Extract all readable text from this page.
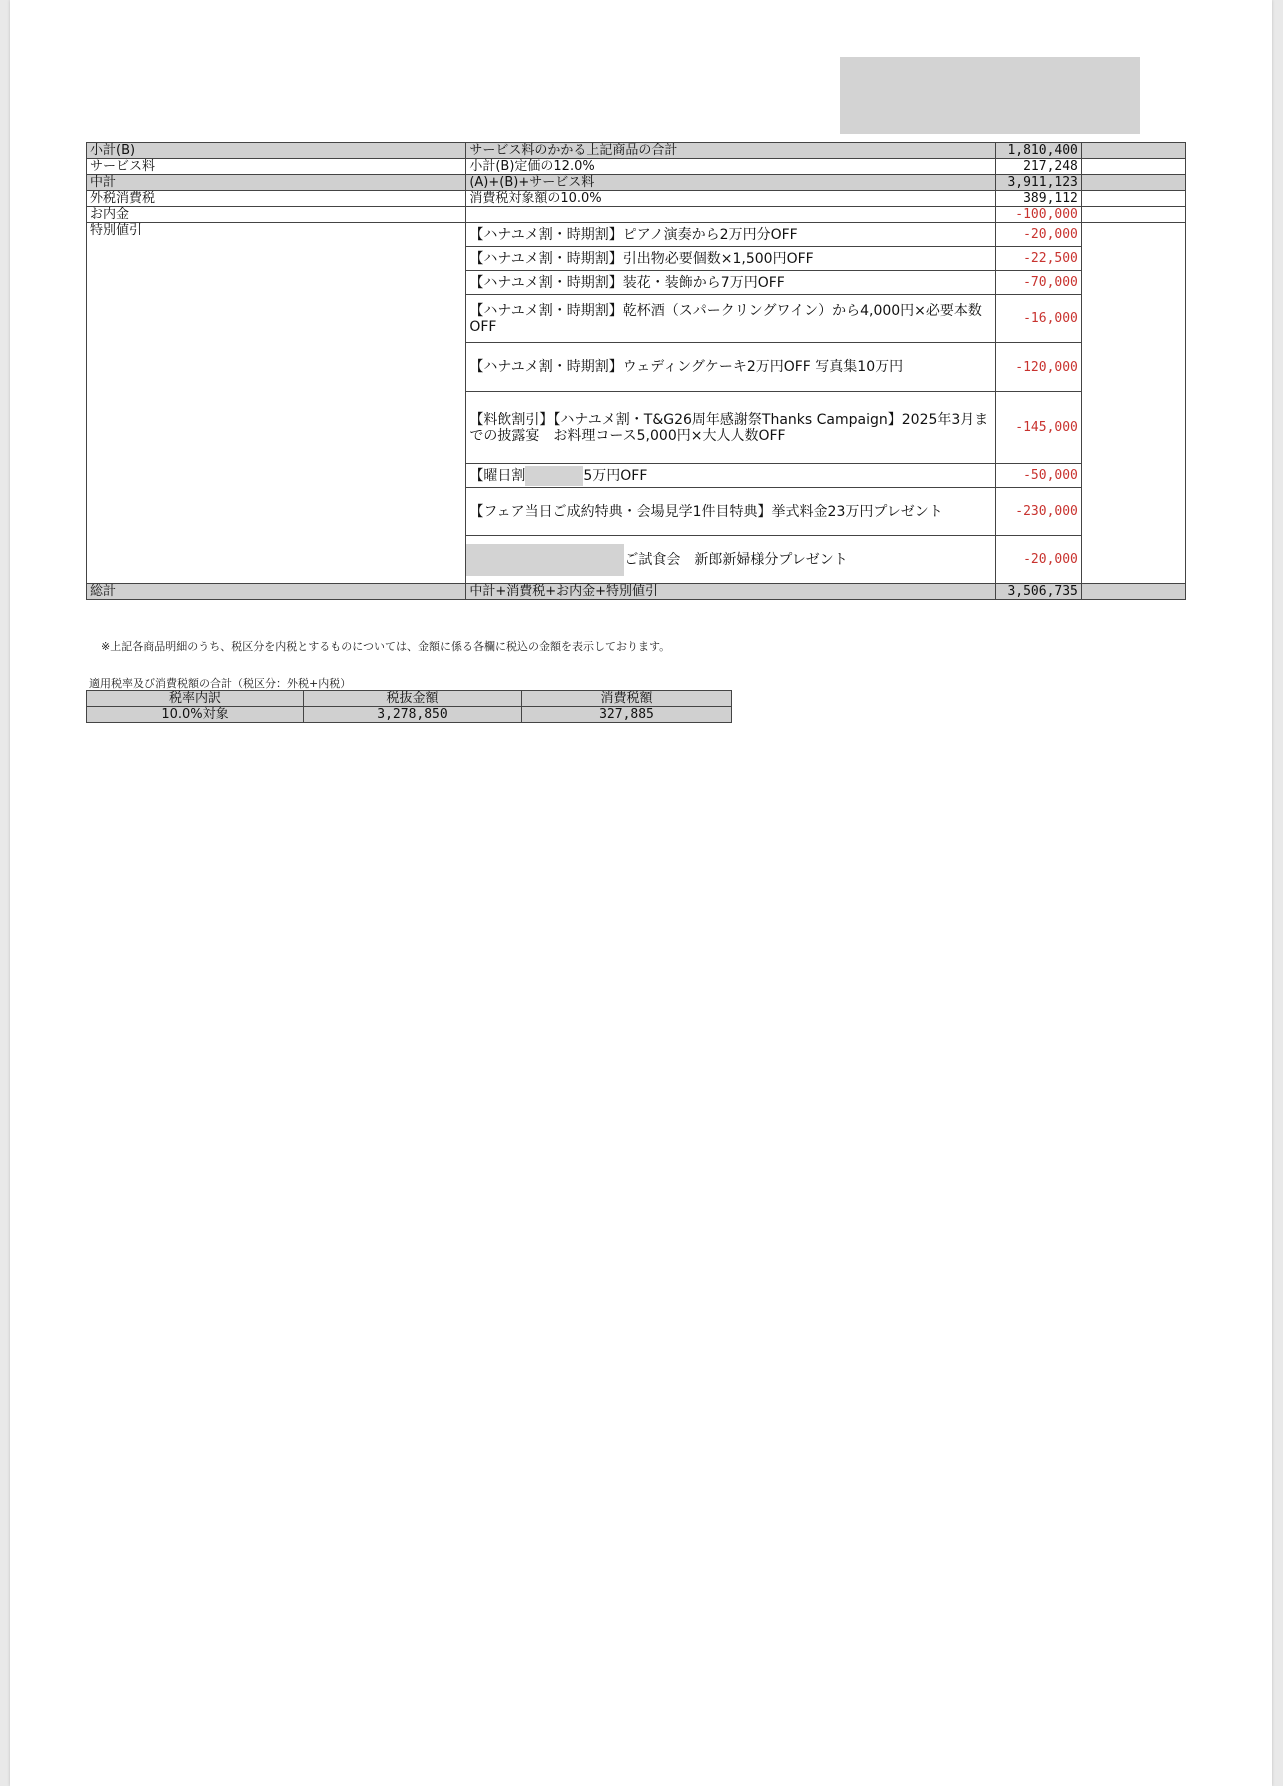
小計(B)	サービス料のかかる上記商品の合計	1,810,400	
サービス料	小計(B)定価の12.0%	217,248	
中計	(A)+(B)+サービス料	3,911,123	
外税消費税	消費税対象額の10.0%	389,112	
お内金		-100,000	
特別値引	【ハナユメ割・時期割】ピアノ演奏から2万円分OFF	-20,000	
	【ハナユメ割・時期割】引出物必要個数×1,500円OFF	-22,500	
	【ハナユメ割・時期割】装花・装飾から7万円OFF	-70,000	
	【ハナユメ割・時期割】乾杯酒（スパークリングワイン）から4,000円×必要本数OFF	-16,000	
	【ハナユメ割・時期割】ウェディングケーキ2万円OFF 写真集10万円	-120,000	
	【料飲割引】【ハナユメ割・T&G26周年感謝祭Thanks Campaign】2025年3月までの披露宴　お料理コース5,000円×大人人数OFF	-145,000	
	【曜日割 5万円OFF	-50,000	
	【フェア当日ご成約特典・会場見学1件目特典】挙式料金23万円プレゼント	-230,000	
	ご試食会　新郎新婦様分プレゼント	-20,000	
総計	中計+消費税+お内金+特別値引	3,506,735	
※上記各商品明細のうち、税区分を内税とするものについては、金額に係る各欄に税込の金額を表示しております。
適用税率及び消費税額の合計（税区分：外税+内税）
税率内訳	税抜金額	消費税額
10.0%対象	3,278,850	327,885
